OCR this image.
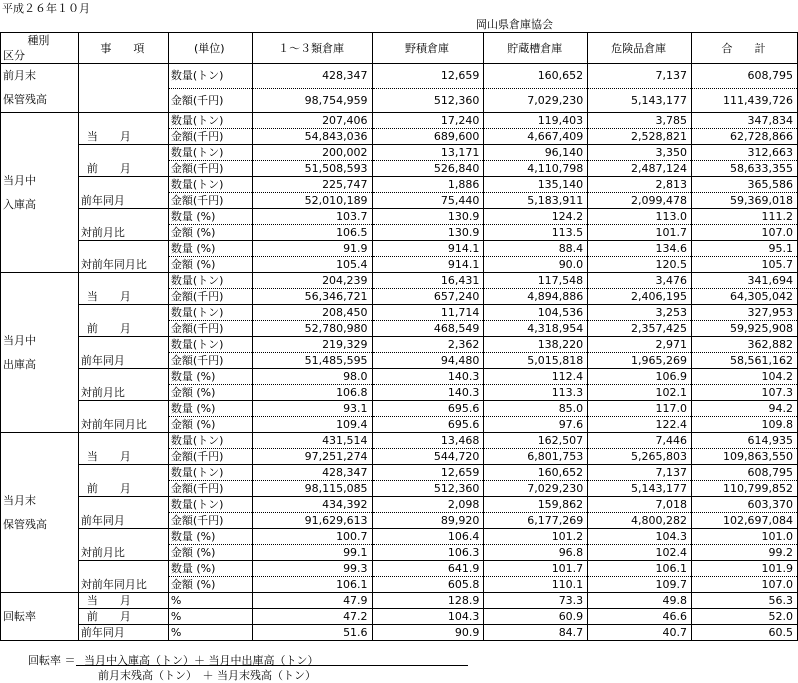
平成２６年１０月
岡山県倉庫協会
種別	事　　項	(単位)	１～３類倉庫	野積倉庫	貯蔵槽倉庫	危険品倉庫	合　　計
区分							

前月末
保管残高		数量(トン)	428,347	12,659	160,652	7,137	608,795
		金額(千円)	98,754,959	512,360	7,029,230	5,143,177	111,439,726

当月中
入庫高	当　　月	数量(トン)	207,406	17,240	119,403	3,785	347,834
		金額(千円)	54,843,036	689,600	4,667,409	2,528,821	62,728,866
	前　　月	数量(トン)	200,002	13,171	96,140	3,350	312,663
		金額(千円)	51,508,593	526,840	4,110,798	2,487,124	58,633,355
	前年同月	数量(トン)	225,747	1,886	135,140	2,813	365,586
		金額(千円)	52,010,189	75,440	5,183,911	2,099,478	59,369,018
	対前月比	数量 (%)	103.7	130.9	124.2	113.0	111.2
		金額 (%)	106.5	130.9	113.5	101.7	107.0
	対前年同月比	数量 (%)	91.9	914.1	88.4	134.6	95.1
		金額 (%)	105.4	914.1	90.0	120.5	105.7

当月中
出庫高	当　　月	数量(トン)	204,239	16,431	117,548	3,476	341,694
		金額(千円)	56,346,721	657,240	4,894,886	2,406,195	64,305,042
	前　　月	数量(トン)	208,450	11,714	104,536	3,253	327,953
		金額(千円)	52,780,980	468,549	4,318,954	2,357,425	59,925,908
	前年同月	数量(トン)	219,329	2,362	138,220	2,971	362,882
		金額(千円)	51,485,595	94,480	5,015,818	1,965,269	58,561,162
	対前月比	数量 (%)	98.0	140.3	112.4	106.9	104.2
		金額 (%)	106.8	140.3	113.3	102.1	107.3
	対前年同月比	数量 (%)	93.1	695.6	85.0	117.0	94.2
		金額 (%)	109.4	695.6	97.6	122.4	109.8

当月末
保管残高	当　　月	数量(トン)	431,514	13,468	162,507	7,446	614,935
		金額(千円)	97,251,274	544,720	6,801,753	5,265,803	109,863,550
	前　　月	数量(トン)	428,347	12,659	160,652	7,137	608,795
		金額(千円)	98,115,085	512,360	7,029,230	5,143,177	110,799,852
	前年同月	数量(トン)	434,392	2,098	159,862	7,018	603,370
		金額(千円)	91,629,613	89,920	6,177,269	4,800,282	102,697,084
	対前月比	数量 (%)	100.7	106.4	101.2	104.3	101.0
		金額 (%)	99.1	106.3	96.8	102.4	99.2
	対前年同月比	数量 (%)	99.3	641.9	101.7	106.1	101.9
		金額 (%)	106.1	605.8	110.1	109.7	107.0

回転率	当　　月	%	47.9	128.9	73.3	49.8	56.3
	前　　月	%	47.2	104.3	60.9	46.6	52.0
	前年同月	%	51.6	90.9	84.7	40.7	60.5
回転率 ＝ 当月中入庫高（トン）＋ 当月中出庫高（トン）
前月末残高（トン）　＋ 当月末残高（トン）
